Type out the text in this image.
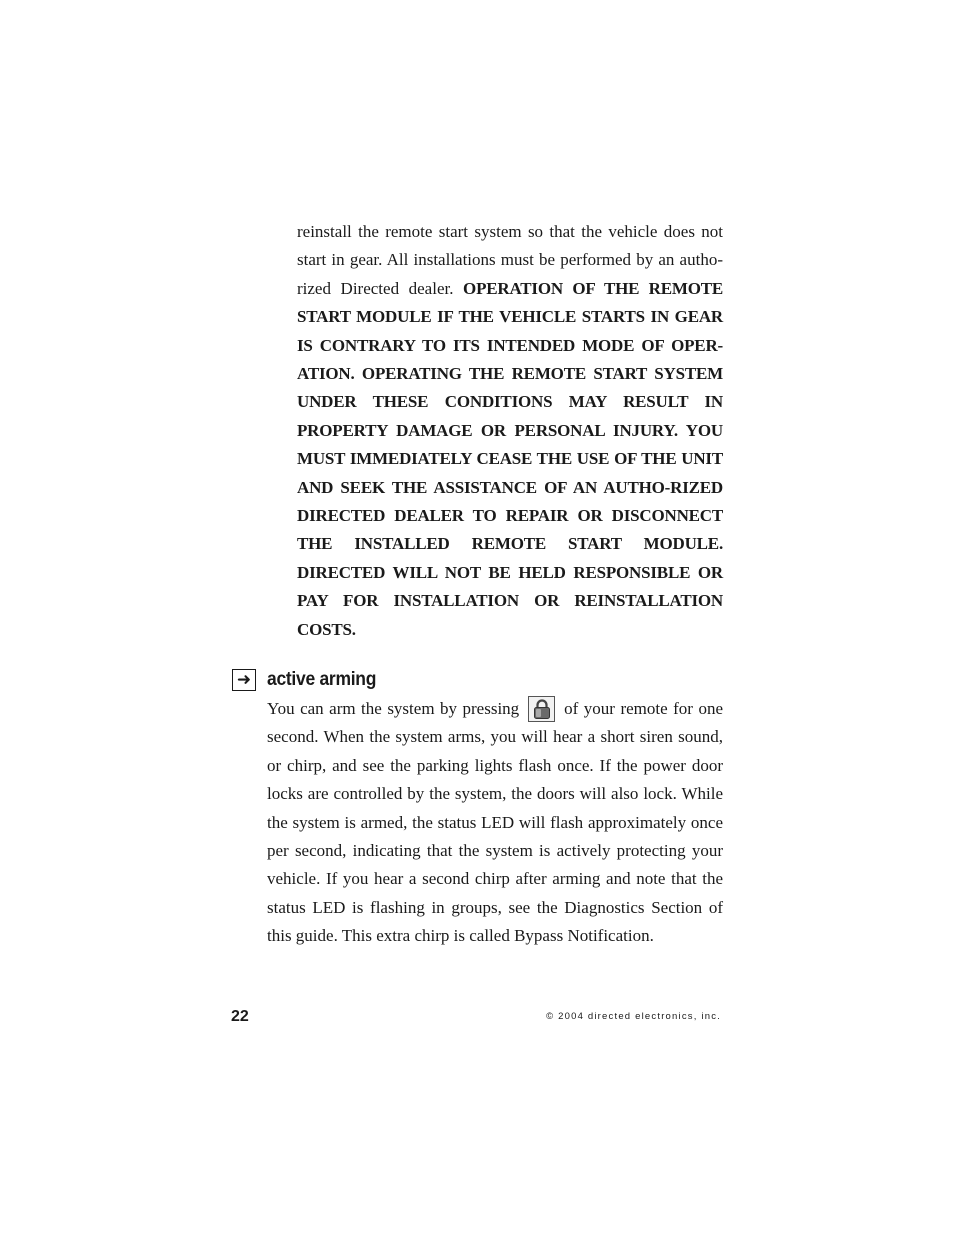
reinstall the remote start system so that the vehicle does not start in gear. All installations must be performed by an autho-rized Directed dealer. OPERATION OF THE REMOTE START MODULE IF THE VEHICLE STARTS IN GEAR IS CONTRARY TO ITS INTENDED MODE OF OPER-ATION. OPERATING THE REMOTE START SYSTEM UNDER THESE CONDITIONS MAY RESULT IN PROPERTY DAMAGE OR PERSONAL INJURY. YOU MUST IMMEDIATELY CEASE THE USE OF THE UNIT AND SEEK THE ASSISTANCE OF AN AUTHO-RIZED DIRECTED DEALER TO REPAIR OR DISCONNECT THE INSTALLED REMOTE START MODULE. DIRECTED WILL NOT BE HELD RESPONSIBLE OR PAY FOR INSTALLATION OR REINSTALLATION COSTS.
➜ active arming
You can arm the system by pressing
of your remote for one second. When the system arms, you will hear a short siren sound, or chirp, and see the parking lights flash once. If the power door locks are controlled by the system, the doors will also lock. While the system is armed, the status LED will flash approximately once per second, indicating that the system is actively protecting your vehicle. If you hear a second chirp after arming and note that the status LED is flashing in groups, see the Diagnostics Section of this guide. This extra chirp is called Bypass Notification.
22	© 2004 directed electronics, inc.
